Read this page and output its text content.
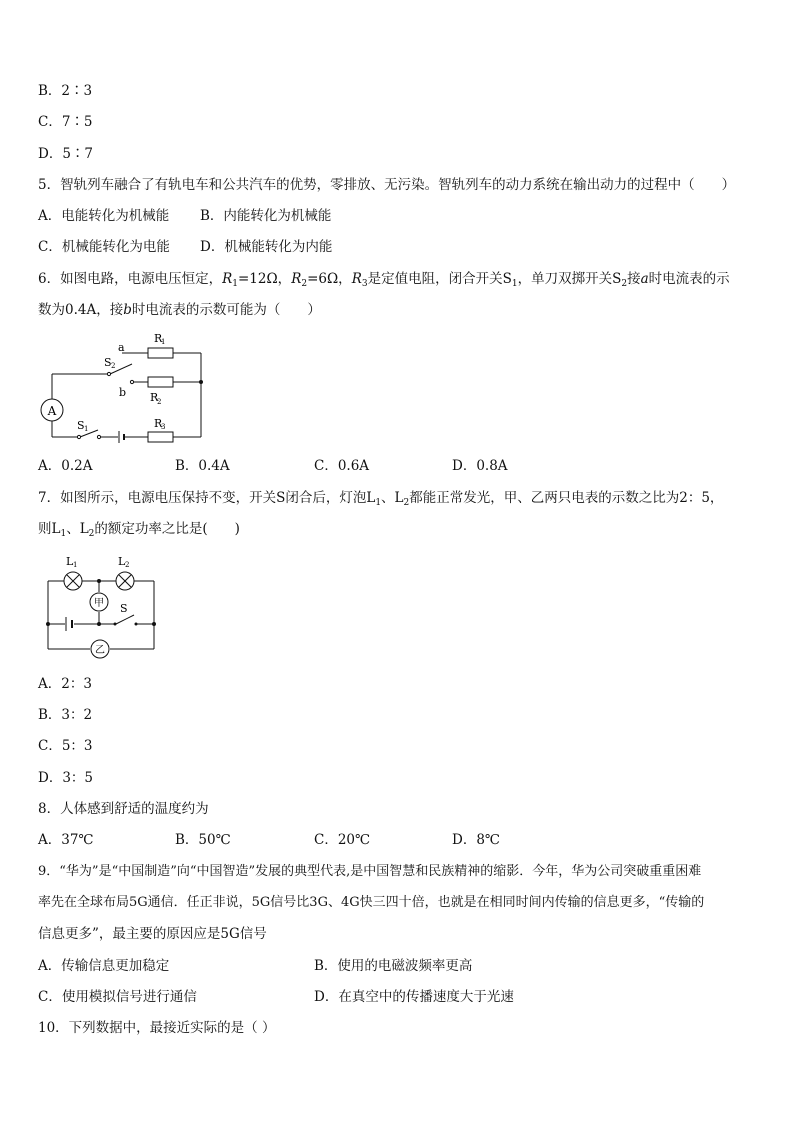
B．2∶3
C．7∶5
D．5∶7
5．智轨列车融合了有轨电车和公共汽车的优势，零排放、无污染。智轨列车的动力系统在输出动力的过程中（　　）
A．电能转化为机械能 B．内能转化为机械能
C．机械能转化为电能 D．机械能转化为内能
6．如图电路，电源电压恒定，$R_1=12\Omega$，$R_2=6\Omega$，$R_3$是定值电阻，闭合开关$S_1$，单刀双掷开关$S_2$接a时电流表的示
数为0.4A，接b时电流表的示数可能为（　　）
A
R
1
R
2
R
3
S 2
S 1
a
b
A．0.2A	B．0.4A	C．0.6A	D．0.8A
7．如图所示，电源电压保持不变，开关S闭合后，灯泡$L_1$、$L_2$都能正常发光，甲、乙两只电表的示数之比为2：5，
则$L_1$、$L_2$的额定功率之比是(　　)
甲
乙
L 1	L 2
S
A．2：3
B．3：2
C．5：3
D．3：5
8．人体感到舒适的温度约为
A．37℃	B．50℃	C．20℃	D．8℃
9．“华为”是“中国制造”向“中国智造”发展的典型代表,是中国智慧和民族精神的缩影．今年，华为公司突破重重困难
率先在全球布局5G通信．任正非说，5G信号比3G、4G快三四十倍，也就是在相同时间内传输的信息更多，“传输的
信息更多”，最主要的原因应是5G信号
A．传输信息更加稳定	B．使用的电磁波频率更高
C．使用模拟信号进行通信	D．在真空中的传播速度大于光速
10．下列数据中，最接近实际的是（ ）
